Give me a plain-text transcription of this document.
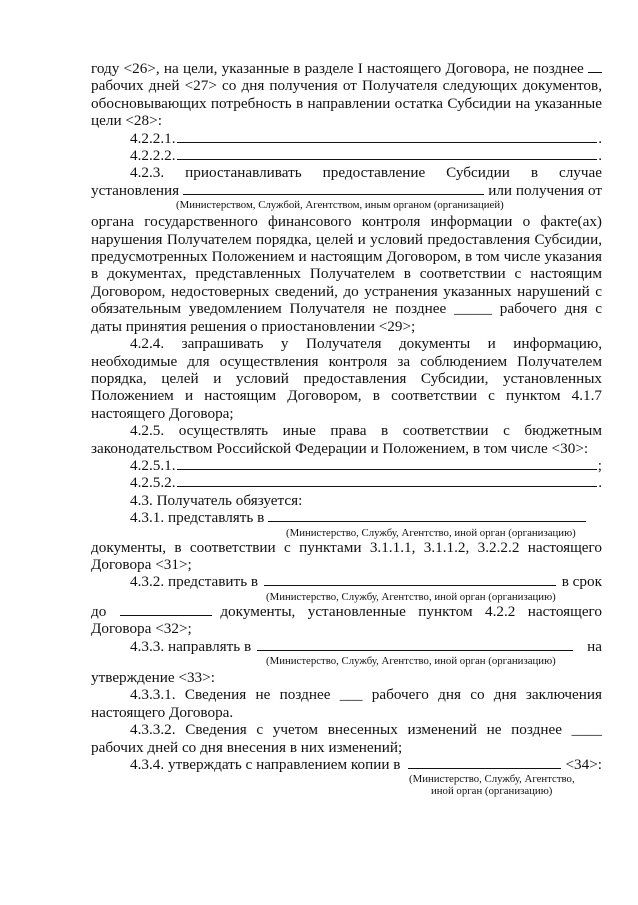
году <26>, на цели, указанные в разделе I настоящего Договора, не позднее

рабочих дней <27> со дня получения от Получателя следующих документов,

обосновывающих потребность в направлении остатка Субсидии на указанные

цели <28>:

4.2.2.1.	.
4.2.2.2.	.

4.2.3. приостанавливать предоставление Субсидии в случае

установления	или получения от

(Министерством, Службой, Агентством, иным органом (организацией)

органа государственного финансового контроля информации о факте(ах) нарушения Получателем порядка, целей и условий предоставления Субсидии, предусмотренных Положением и настоящим Договором, в том числе указания в документах, представленных Получателем в соответствии с настоящим Договором, недостоверных сведений, до устранения указанных нарушений с обязательным уведомлением Получателя не позднее _____ рабочего дня с даты принятия решения о приостановлении <29>;

4.2.4. запрашивать у Получателя документы и информацию, необходимые для осуществления контроля за соблюдением Получателем порядка, целей и условий предоставления Субсидии, установленных Положением и настоящим Договором, в соответствии с пунктом 4.1.7 настоящего Договора;

4.2.5. осуществлять иные права в соответствии с бюджетным законодательством Российской Федерации и Положением, в том числе <30>:

4.2.5.1.	;
4.2.5.2.	.

4.3. Получатель обязуется:

4.3.1. представлять в

(Министерство, Службу, Агентство, иной орган (организацию)

документы, в соответствии с пунктами 3.1.1.1, 3.1.1.2, 3.2.2.2 настоящего Договора <31>;

4.3.2. представить в	в срок

(Министерство, Службу, Агентство, иной орган (организацию)

до	документы, установленные пунктом 4.2.2 настоящего

Договора <32>;

4.3.3. направлять в	на

(Министерство, Службу, Агентство, иной орган (организацию)

утверждение <33>:

4.3.3.1. Сведения не позднее ___ рабочего дня со дня заключения настоящего Договора.

4.3.3.2. Сведения с учетом внесенных изменений не позднее ____ рабочих дней со дня внесения в них изменений;

4.3.4. утверждать с направлением копии в	<34>:

(Министерство, Службу, Агентство,

иной орган (организацию)
